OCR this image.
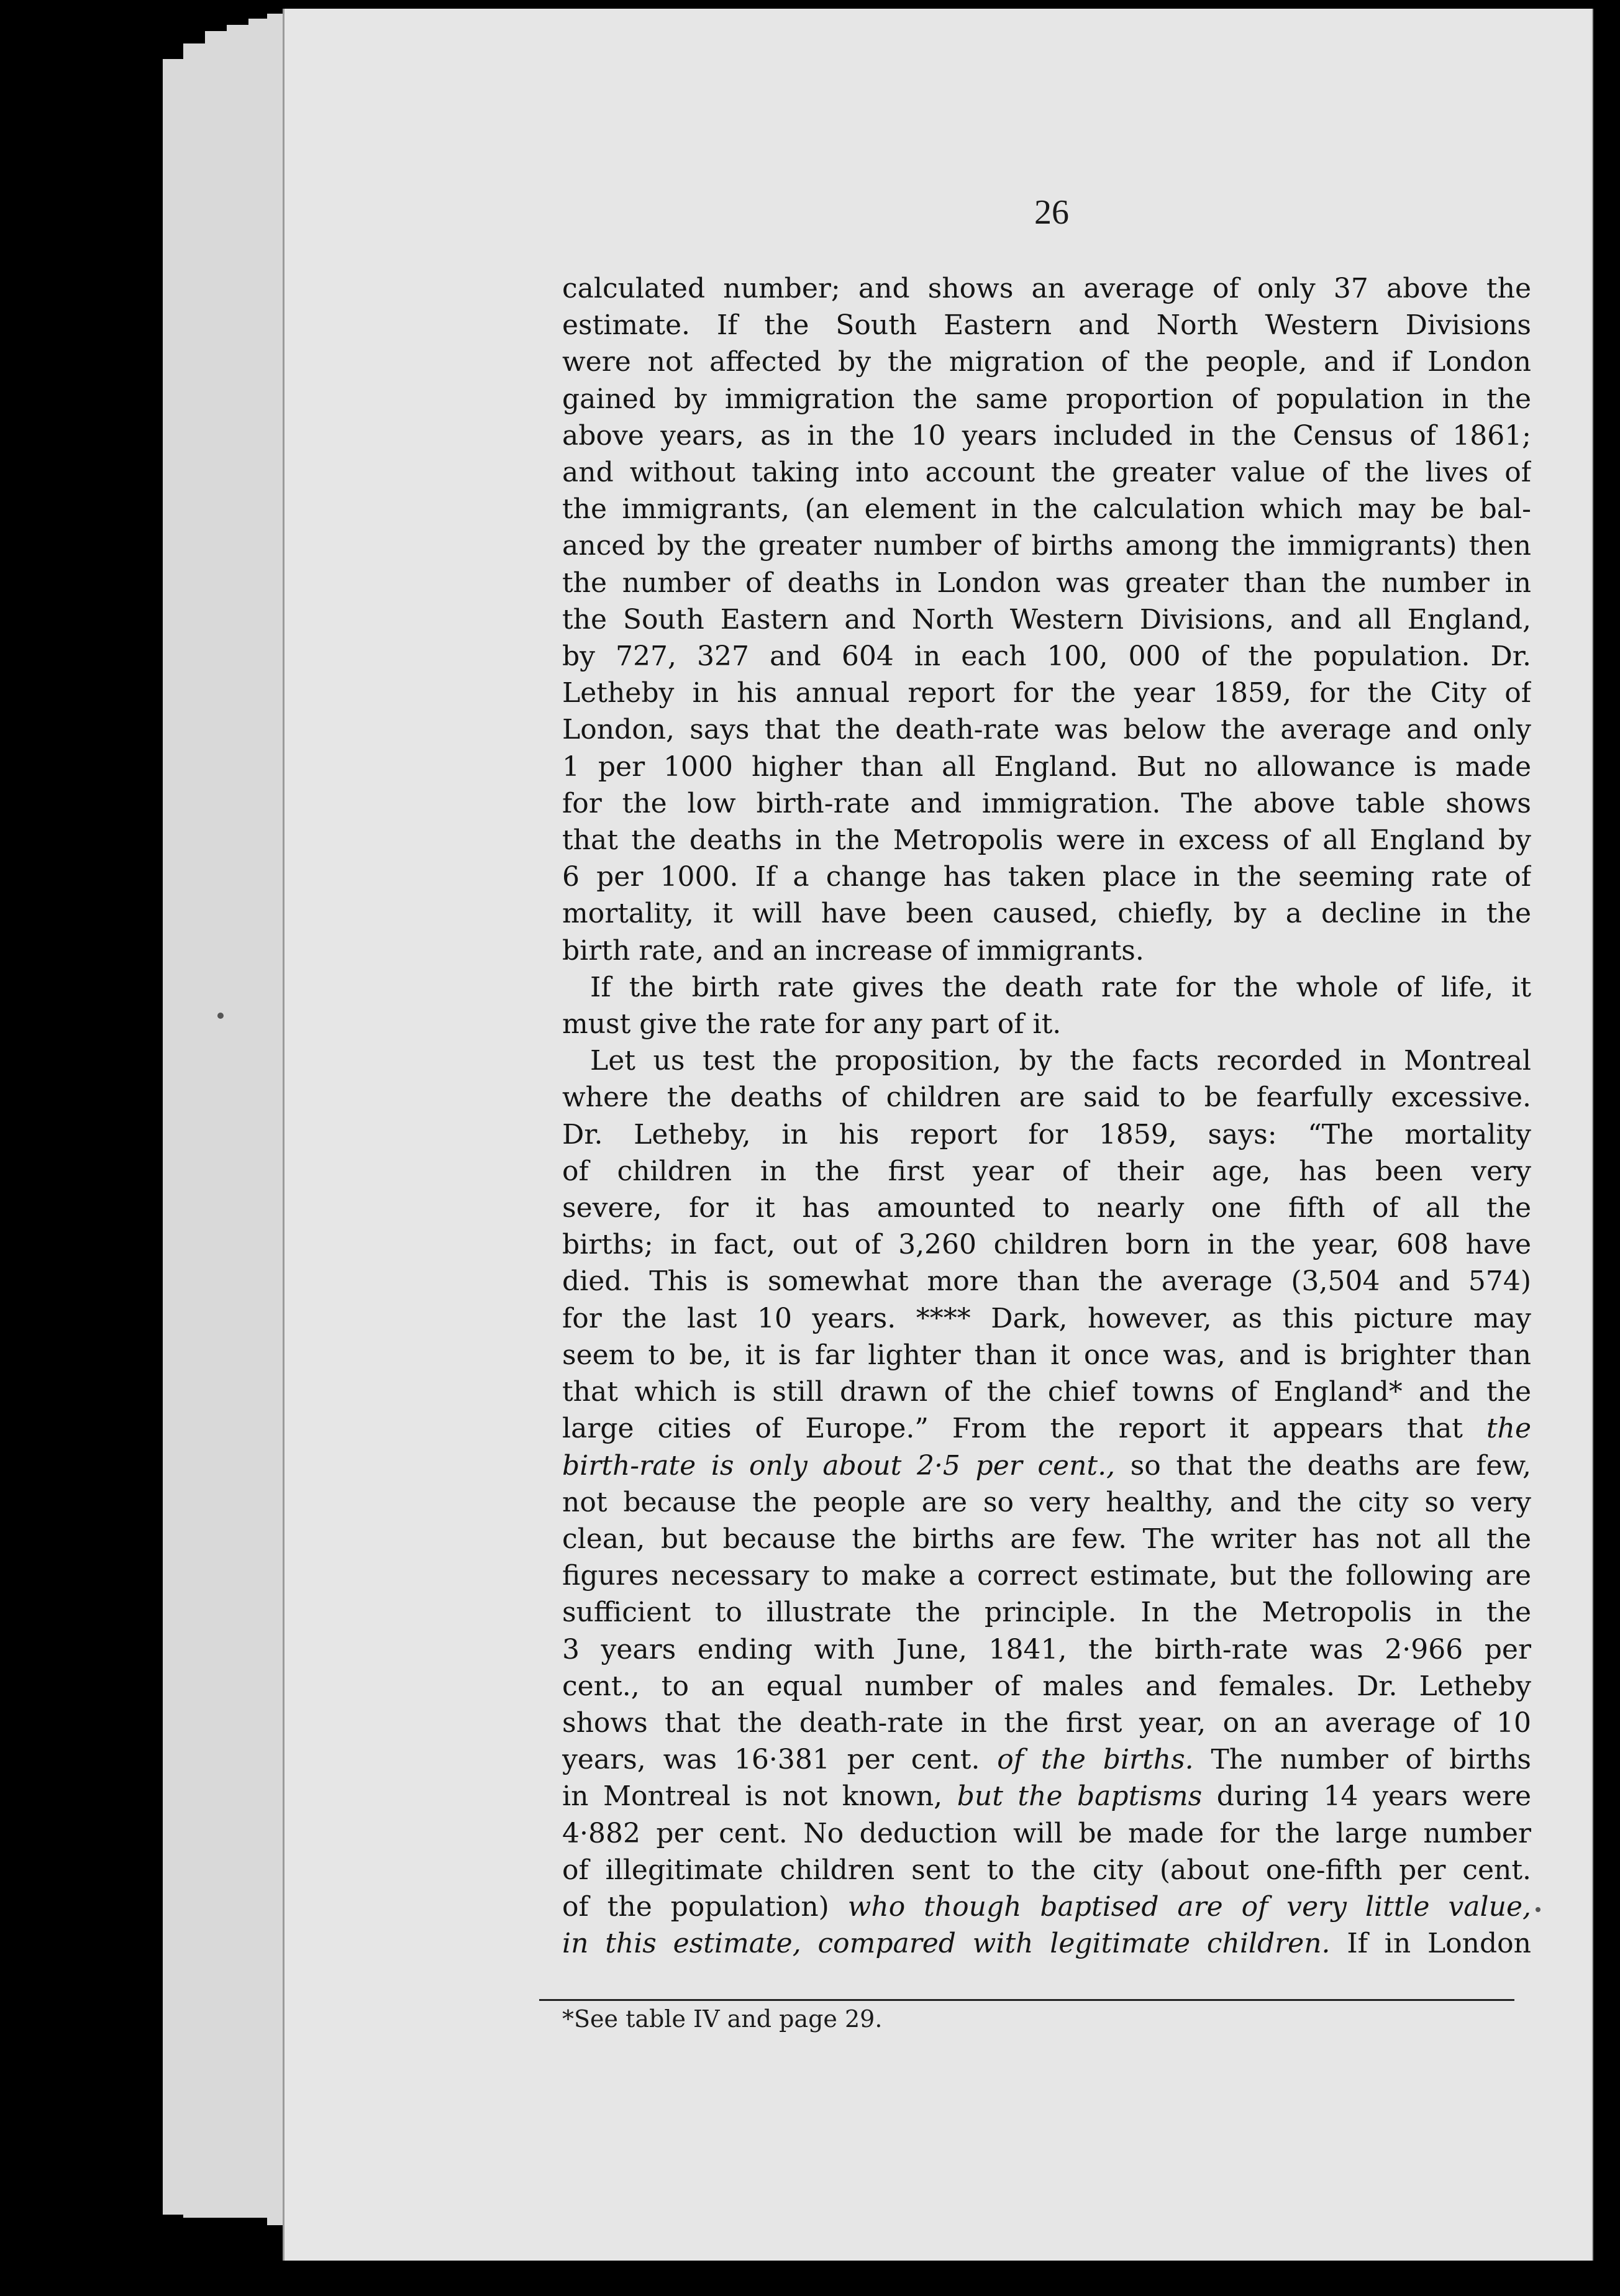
26
calculated number; and shows an average of only 37 above the
estimate. If the South Eastern and North Western Divisions
were not affected by the migration of the people, and if London
gained by immigration the same proportion of population in the
above years, as in the 10 years included in the Census of 1861;
and without taking into account the greater value of the lives of
the immigrants, (an element in the calculation which may be bal-
anced by the greater number of births among the immigrants) then
the number of deaths in London was greater than the number in
the South Eastern and North Western Divisions, and all England,
by 727, 327 and 604 in each 100, 000 of the population. Dr.
Letheby in his annual report for the year 1859, for the City of
London, says that the death-rate was below the average and only
1 per 1000 higher than all England. But no allowance is made
for the low birth-rate and immigration. The above table shows
that the deaths in the Metropolis were in excess of all England by
6 per 1000. If a change has taken place in the seeming rate of
mortality, it will have been caused, chiefly, by a decline in the
birth rate, and an increase of immigrants.
If the birth rate gives the death rate for the whole of life, it
must give the rate for any part of it.
Let us test the proposition, by the facts recorded in Montreal
where the deaths of children are said to be fearfully excessive.
Dr. Letheby, in his report for 1859, says: “The mortality
of children in the first year of their age, has been very
severe, for it has amounted to nearly one fifth of all the
births; in fact, out of 3,260 children born in the year, 608 have
died. This is somewhat more than the average (3,504 and 574)
for the last 10 years. **** Dark, however, as this picture may
seem to be, it is far lighter than it once was, and is brighter than
that which is still drawn of the chief towns of England* and the
large cities of Europe.” From the report it appears that the
birth-rate is only about 2·5 per cent., so that the deaths are few,
not because the people are so very healthy, and the city so very
clean, but because the births are few. The writer has not all the
figures necessary to make a correct estimate, but the following are
sufficient to illustrate the principle. In the Metropolis in the
3 years ending with June, 1841, the birth-rate was 2·966 per
cent., to an equal number of males and females. Dr. Letheby
shows that the death-rate in the first year, on an average of 10
years, was 16·381 per cent. of the births. The number of births
in Montreal is not known, but the baptisms during 14 years were
4·882 per cent. No deduction will be made for the large number
of illegitimate children sent to the city (about one-fifth per cent.
of the population) who though baptised are of very little value,
in this estimate, compared with legitimate children. If in London
*See table IV and page 29.
